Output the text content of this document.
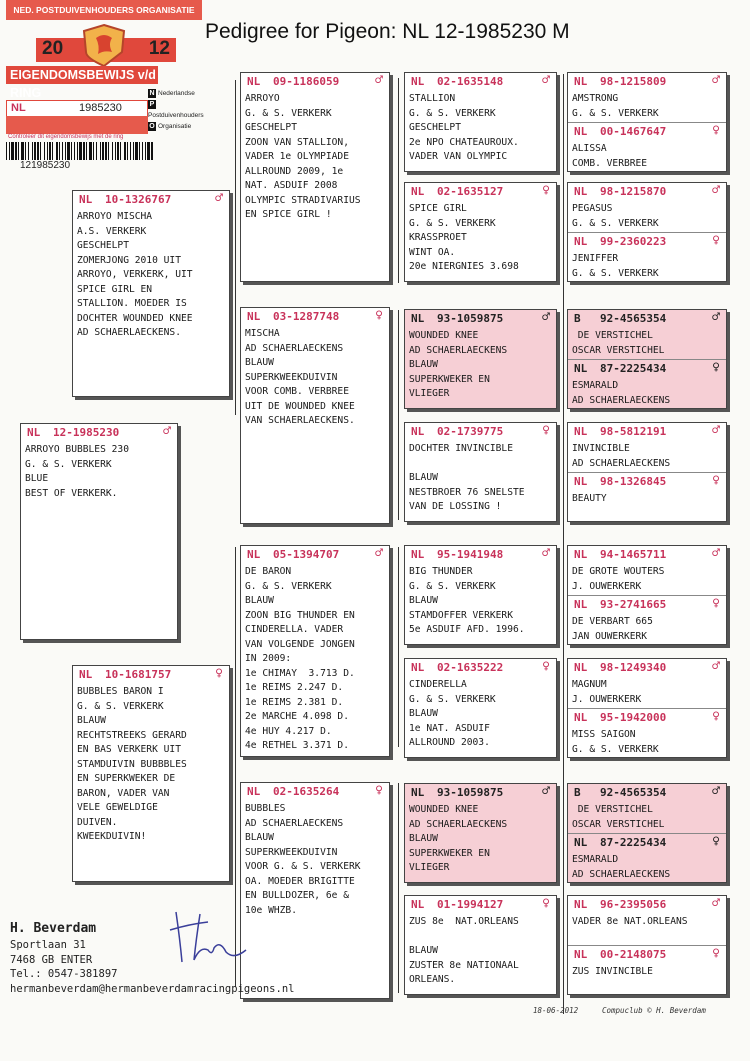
Pedigree for Pigeon: NL 12-1985230 M
NED. POSTDUIVENHOUDERS ORGANISATIE
20	12
EIGENDOMSBEWIJS v/d RING
NL	1985230
Controleer dit eigendomsbewijs met de ring
N Nederlandse
PPostduivenhouders
O Organisatie
121985230
NL 12-1985230	♂
ARROYO BUBBLES 230
G. & S. VERKERK
BLUE
BEST OF VERKERK.
NL 10-1326767	♂
ARROYO MISCHA
A.S. VERKERK
GESCHELPT
ZOMERJONG 2010 UIT
ARROYO, VERKERK, UIT
SPICE GIRL EN
STALLION. MOEDER IS
DOCHTER WOUNDED KNEE
AD SCHAERLAECKENS.
NL 10-1681757	♀
BUBBLES BARON I
G. & S. VERKERK
BLAUW
RECHTSTREEKS GERARD
EN BAS VERKERK UIT
STAMDUIVIN BUBBBLES
EN SUPERKWEKER DE
BARON, VADER VAN
VELE GEWELDIGE
DUIVEN.
KWEEKDUIVIN!
NL 09-1186059	♂
ARROYO
G. & S. VERKERK
GESCHELPT
ZOON VAN STALLION,
VADER 1e OLYMPIADE
ALLROUND 2009, 1e
NAT. ASDUIF 2008
OLYMPIC STRADIVARIUS
EN SPICE GIRL !
NL 03-1287748	♀
MISCHA
AD SCHAERLAECKENS
BLAUW
SUPERKWEEKDUIVIN
VOOR COMB. VERBREE
UIT DE WOUNDED KNEE
VAN SCHAERLAECKENS.
NL 05-1394707	♂
DE BARON
G. & S. VERKERK
BLAUW
ZOON BIG THUNDER EN
CINDERELLA. VADER
VAN VOLGENDE JONGEN
IN 2009:
1e CHIMAY  3.713 D.
1e REIMS 2.247 D.
1e REIMS 2.381 D.
2e MARCHE 4.098 D.
4e HUY 4.217 D.
4e RETHEL 3.371 D.
NL 02-1635264	♀
BUBBLES
AD SCHAERLAECKENS
BLAUW
SUPERKWEEKDUIVIN
VOOR G. & S. VERKERK
OA. MOEDER BRIGITTE
EN BULLDOZER, 6e &
10e WHZB.
NL 02-1635148	♂
STALLION
G. & S. VERKERK
GESCHELPT
2e NPO CHATEAUROUX.
VADER VAN OLYMPIC
NL 02-1635127	♀
SPICE GIRL
G. & S. VERKERK
KRASSPROET
WINT OA.
20e NIERGNIES 3.698
NL 93-1059875	♂
WOUNDED KNEE
AD SCHAERLAECKENS
BLAUW
SUPERKWEKER EN
VLIEGER
NL 02-1739775	♀
DOCHTER INVINCIBLE

BLAUW
NESTBROER 76 SNELSTE
VAN DE LOSSING !
NL 95-1941948	♂
BIG THUNDER
G. & S. VERKERK
BLAUW
STAMDOFFER VERKERK
5e ASDUIF AFD. 1996.
NL 02-1635222	♀
CINDERELLA
G. & S. VERKERK
BLAUW
1e NAT. ASDUIF
ALLROUND 2003.
NL 93-1059875	♂
WOUNDED KNEE
AD SCHAERLAECKENS
BLAUW
SUPERKWEKER EN
VLIEGER
NL 01-1994127	♀
ZUS 8e  NAT.ORLEANS

BLAUW
ZUSTER 8e NATIONAAL
ORLEANS.
NL 98-1215809	♂
AMSTRONG
G. & S. VERKERK
NL 00-1467647	♀
ALISSA
COMB. VERBREE
NL 98-1215870	♂
PEGASUS
G. & S. VERKERK
NL 99-2360223	♀
JENIFFER
G. & S. VERKERK
B 92-4565354	♂
DE VERSTICHEL
OSCAR VERSTICHEL
NL 87-2225434	♀
ESMARALD
AD SCHAERLAECKENS
NL 98-5812191	♂
INVINCIBLE
AD SCHAERLAECKENS
NL 98-1326845	♀
BEAUTY
NL 94-1465711	♂
DE GROTE WOUTERS
J. OUWERKERK
NL 93-2741665	♀
DE VERBART 665
JAN OUWERKERK
NL 98-1249340	♂
MAGNUM
J. OUWERKERK
NL 95-1942000	♀
MISS SAIGON
G. & S. VERKERK
B 92-4565354	♂
DE VERSTICHEL
OSCAR VERSTICHEL
NL 87-2225434	♀
ESMARALD
AD SCHAERLAECKENS
NL 96-2395056	♂
VADER 8e NAT.ORLEANS
NL 00-2148075	♀
ZUS INVINCIBLE
H. Beverdam
Sportlaan 31
7468 GB ENTER
Tel.: 0547-381897
hermanbeverdam@hermanbeverdamracingpigeons.nl
18-06-2012	Compuclub © H. Beverdam
